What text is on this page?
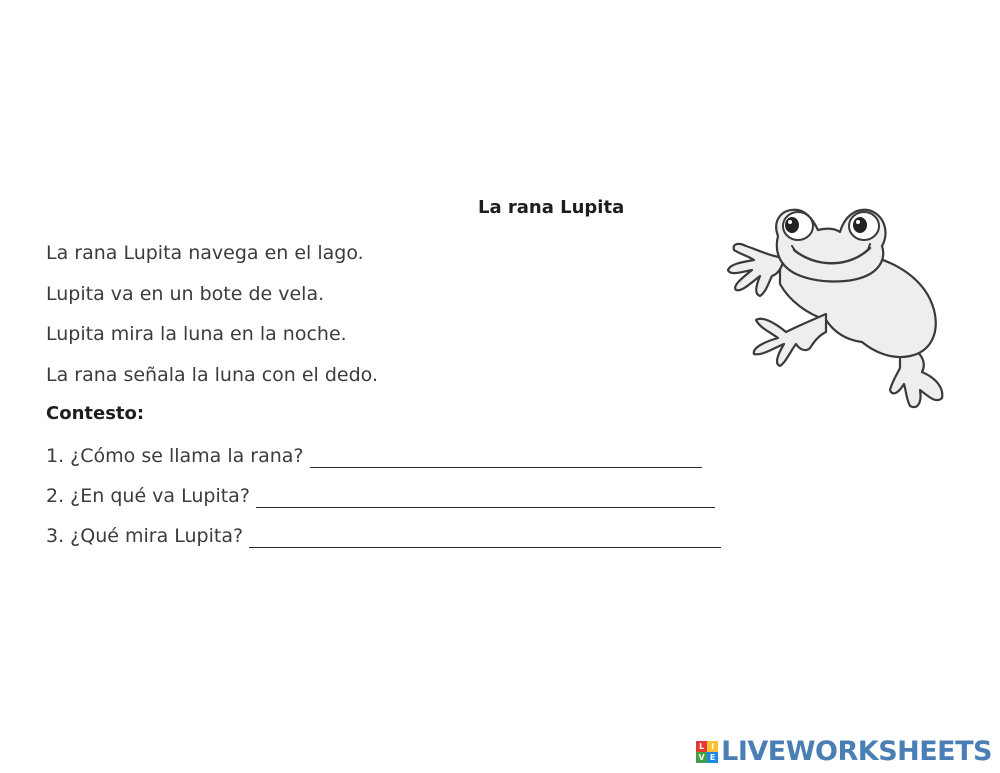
La rana Lupita
La rana Lupita navega en el lago.
Lupita va en un bote de vela.
Lupita mira la luna en la noche.
La rana señala la luna con el dedo.
Contesto:
1. ¿Cómo se llama la rana?
2. ¿En qué va Lupita?
3. ¿Qué mira Lupita?
L I
V E LIVEWORKSHEETS
